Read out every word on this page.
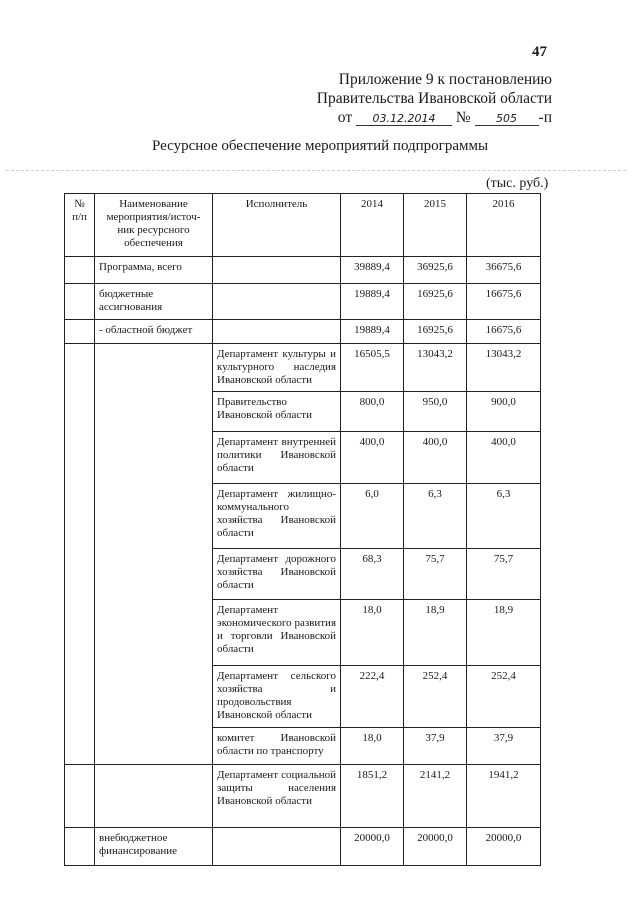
47
Приложение 9 к постановлению
Правительства Ивановской области
от 03.12.2014 № 505 -п
Ресурсное обеспечение мероприятий подпрограммы
(тыс. руб.)
№ п/п	Наименование мероприятия/источ-ник ресурсного обеспечения	Исполнитель	2014	2015	2016
	Программа, всего		39889,4	36925,6	36675,6
	бюджетные ассигнования		19889,4	16925,6	16675,6
	- областной бюджет		19889,4	16925,6	16675,6
		Департамент культуры и культурного наследия Ивановской области	16505,5	13043,2	13043,2
		Правительство Ивановской области	800,0	950,0	900,0
		Департамент внутренней политики Ивановской области	400,0	400,0	400,0
		Департамент жилищно-коммунального хозяйства Ивановской области	6,0	6,3	6,3
		Департамент дорожного хозяйства Ивановской области	68,3	75,7	75,7
		Департамент экономического развития и торговли Ивановской области	18,0	18,9	18,9
		Департамент сельского хозяйства и продовольствия Ивановской области	222,4	252,4	252,4
		комитет Ивановской области по транспорту	18,0	37,9	37,9
		Департамент социальной защиты населения Ивановской области	1851,2	2141,2	1941,2
	внебюджетное финансирование		20000,0	20000,0	20000,0
